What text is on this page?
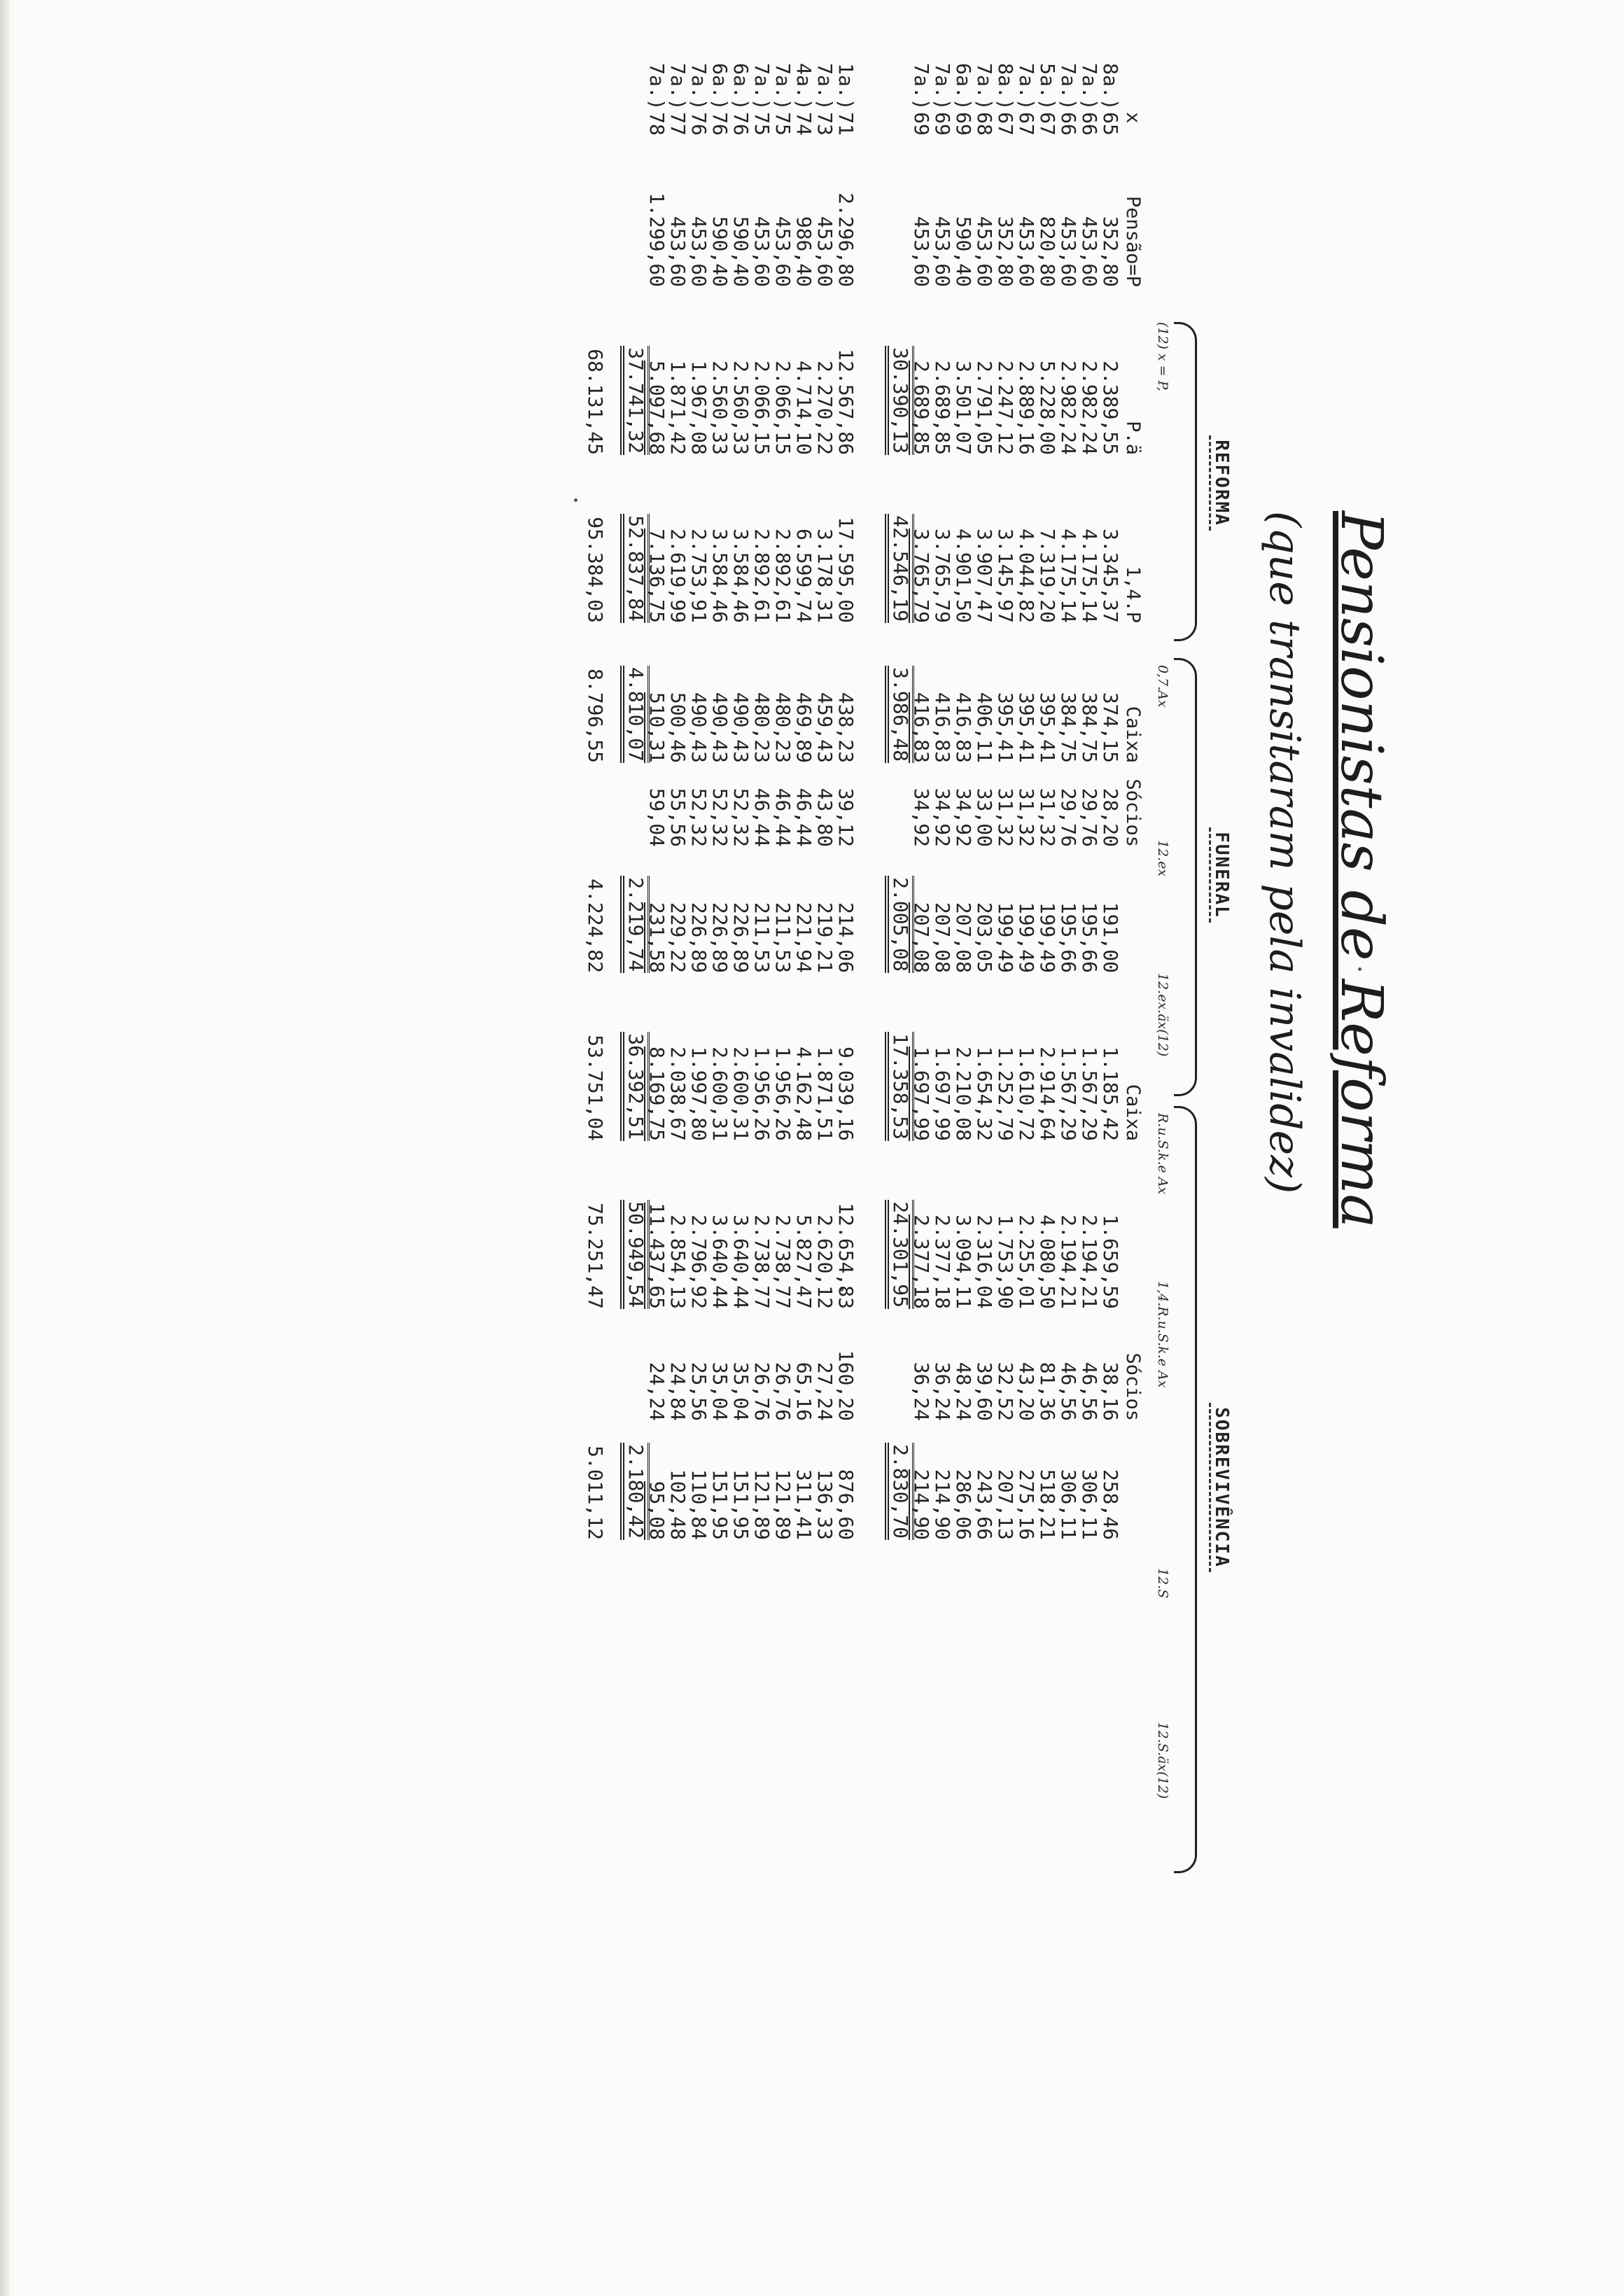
Pensionistas de Reforma
(que transitaram pela invalidez)
REFORMA
FUNERAL
SOBREVIVÊNCIA
(12) x = P,
0,7.Ax
12.ex
12.ex.äx(12)
R.u.S.k.e Ax
1,4.R.u.S.k.e Ax
12.S
12.S.äx(12)
	x	Pensão=P	P.ä	1,4.P	Caixa	Sócios		Caixa		Sócios	
8a.)	65	352,80	2.389,55	3.345,37	374,15	28,20	191,00	1.185,42	1.659,59	38,16	258,46
7a.)	66	453,60	2.982,24	4.175,14	384,75	29,76	195,66	1.567,29	2.194,21	46,56	306,11
7a.)	66	453,60	2.982,24	4.175,14	384,75	29,76	195,66	1.567,29	2.194,21	46,56	306,11
5a.)	67	820,80	5.228,00	7.319,20	395,41	31,32	199,49	2.914,64	4.080,50	81,36	518,21
7a.)	67	453,60	2.889,16	4.044,82	395,41	31,32	199,49	1.610,72	2.255,01	43,20	275,16
8a.)	67	352,80	2.247,12	3.145,97	395,41	31,32	199,49	1.252,79	1.753,90	32,52	207,13
7a.)	68	453,60	2.791,05	3.907,47	406,11	33,00	203,05	1.654,32	2.316,04	39,60	243,66
6a.)	69	590,40	3.501,07	4.901,50	416,83	34,92	207,08	2.210,08	3.094,11	48,24	286,06
7a.)	69	453,60	2.689,85	3.765,79	416,83	34,92	207,08	1.697,99	2.377,18	36,24	214,90
7a.)	69	453,60	2.689,85	3.765,79	416,83	34,92	207,08	1.697,99	2.377,18	36,24	214,90
			30.390,13	42.546,19	3.986,48		2.005,08	17.358,53	24.301,95		2.830,70

1a.)	71	2.296,80	12.567,86	17.595,00	438,23	39,12	214,06	9.039,16	12.654,83	160,20	876,60
7a.)	73	453,60	2.270,22	3.178,31	459,43	43,80	219,21	1.871,51	2.620,12	27,24	136,33
4a.)	74	986,40	4.714,10	6.599,74	469,89	46,44	221,94	4.162,48	5.827,47	65,16	311,41
7a.)	75	453,60	2.066,15	2.892,61	480,23	46,44	211,53	1.956,26	2.738,77	26,76	121,89
7a.)	75	453,60	2.066,15	2.892,61	480,23	46,44	211,53	1.956,26	2.738,77	26,76	121,89
6a.)	76	590,40	2.560,33	3.584,46	490,43	52,32	226,89	2.600,31	3.640,44	35,04	151,95
6a.)	76	590,40	2.560,33	3.584,46	490,43	52,32	226,89	2.600,31	3.640,44	35,04	151,95
7a.)	76	453,60	1.967,08	2.753,91	490,43	52,32	226,89	1.997,80	2.796,92	25,56	110,84
7a.)	77	453,60	1.871,42	2.619,99	500,46	55,56	229,22	2.038,67	2.854,13	24,84	102,48
7a.)	78	1.299,60	5.097,68	7.136,75	510,31	59,04	231,58	8.169,75	11.437,65	24,24	95,08
			37.741,32	52.837,84	4.810,07		2.219,74	36.392,51	50.949,54		2.180,42
			68.131,45	95.384,03	8.796,55		4.224,82	53.751,04	75.251,47		5.011,12
